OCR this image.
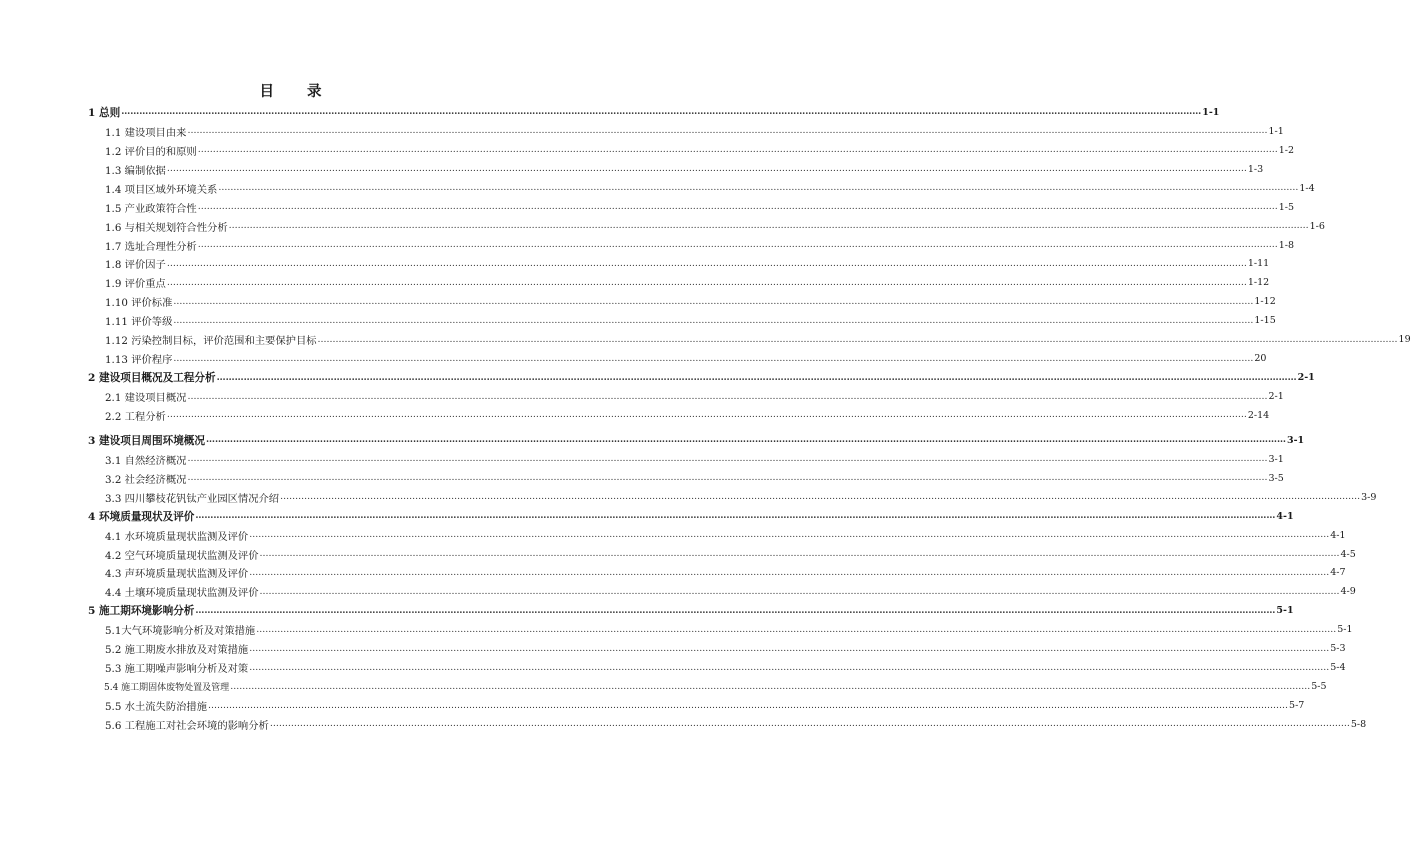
目 录
1 总则 ……………………………………………………………………………………………………………………………………………………………………………………………………………………………………………………………………………………………………………………………… 1-1
1.1 建设项目由来 ……………………………………………………………………………………………………………………………………………………………………………………………………………………………………………………………………………………………………………………………… 1-1
1.2 评价目的和原则 ……………………………………………………………………………………………………………………………………………………………………………………………………………………………………………………………………………………………………………………………… 1-2
1.3 编制依据 ……………………………………………………………………………………………………………………………………………………………………………………………………………………………………………………………………………………………………………………………… 1-3
1.4 项目区域外环境关系 ……………………………………………………………………………………………………………………………………………………………………………………………………………………………………………………………………………………………………………………………… 1-4
1.5 产业政策符合性 ……………………………………………………………………………………………………………………………………………………………………………………………………………………………………………………………………………………………………………………………… 1-5
1.6 与相关规划符合性分析 ……………………………………………………………………………………………………………………………………………………………………………………………………………………………………………………………………………………………………………………………… 1-6
1.7 选址合理性分析 ……………………………………………………………………………………………………………………………………………………………………………………………………………………………………………………………………………………………………………………………… 1-8
1.8 评价因子 ……………………………………………………………………………………………………………………………………………………………………………………………………………………………………………………………………………………………………………………………… 1-11
1.9 评价重点 ……………………………………………………………………………………………………………………………………………………………………………………………………………………………………………………………………………………………………………………………… 1-12
1.10 评价标准 ……………………………………………………………………………………………………………………………………………………………………………………………………………………………………………………………………………………………………………………………… 1-12
1.11 评价等级 ……………………………………………………………………………………………………………………………………………………………………………………………………………………………………………………………………………………………………………………………… 1-15
1.12 污染控制目标，评价范围和主要保护目标 ……………………………………………………………………………………………………………………………………………………………………………………………………………………………………………………………………………………………………………………………… 19
1.13 评价程序 ……………………………………………………………………………………………………………………………………………………………………………………………………………………………………………………………………………………………………………………………… 20
2 建设项目概况及工程分析 ……………………………………………………………………………………………………………………………………………………………………………………………………………………………………………………………………………………………………………………………… 2-1
2.1 建设项目概况 ……………………………………………………………………………………………………………………………………………………………………………………………………………………………………………………………………………………………………………………………… 2-1
2.2 工程分析 ……………………………………………………………………………………………………………………………………………………………………………………………………………………………………………………………………………………………………………………………… 2-14
3 建设项目周围环境概况 ……………………………………………………………………………………………………………………………………………………………………………………………………………………………………………………………………………………………………………………………… 3-1
3.1 自然经济概况 ……………………………………………………………………………………………………………………………………………………………………………………………………………………………………………………………………………………………………………………………… 3-1
3.2 社会经济概况 ……………………………………………………………………………………………………………………………………………………………………………………………………………………………………………………………………………………………………………………………… 3-5
3.3 四川攀枝花钒钛产业园区情况介绍 ……………………………………………………………………………………………………………………………………………………………………………………………………………………………………………………………………………………………………………………………… 3-9
4 环境质量现状及评价 ……………………………………………………………………………………………………………………………………………………………………………………………………………………………………………………………………………………………………………………………… 4-1
4.1 水环境质量现状监测及评价 ……………………………………………………………………………………………………………………………………………………………………………………………………………………………………………………………………………………………………………………………… 4-1
4.2 空气环境质量现状监测及评价 ……………………………………………………………………………………………………………………………………………………………………………………………………………………………………………………………………………………………………………………………… 4-5
4.3 声环境质量现状监测及评价 ……………………………………………………………………………………………………………………………………………………………………………………………………………………………………………………………………………………………………………………………… 4-7
4.4 土壤环境质量现状监测及评价 ……………………………………………………………………………………………………………………………………………………………………………………………………………………………………………………………………………………………………………………………… 4-9
5 施工期环境影响分析 ……………………………………………………………………………………………………………………………………………………………………………………………………………………………………………………………………………………………………………………………… 5-1
5.1大气环境影响分析及对策措施 ……………………………………………………………………………………………………………………………………………………………………………………………………………………………………………………………………………………………………………………………… 5-1
5.2 施工期废水排放及对策措施 ……………………………………………………………………………………………………………………………………………………………………………………………………………………………………………………………………………………………………………………………… 5-3
5.3 施工期噪声影响分析及对策 ……………………………………………………………………………………………………………………………………………………………………………………………………………………………………………………………………………………………………………………………… 5-4
5.4 施工期固体废物处置及管理 ……………………………………………………………………………………………………………………………………………………………………………………………………………………………………………………………………………………………………………………………… 5-5
5.5 水土流失防治措施 ……………………………………………………………………………………………………………………………………………………………………………………………………………………………………………………………………………………………………………………………… 5-7
5.6 工程施工对社会环境的影响分析 ……………………………………………………………………………………………………………………………………………………………………………………………………………………………………………………………………………………………………………………………… 5-8
